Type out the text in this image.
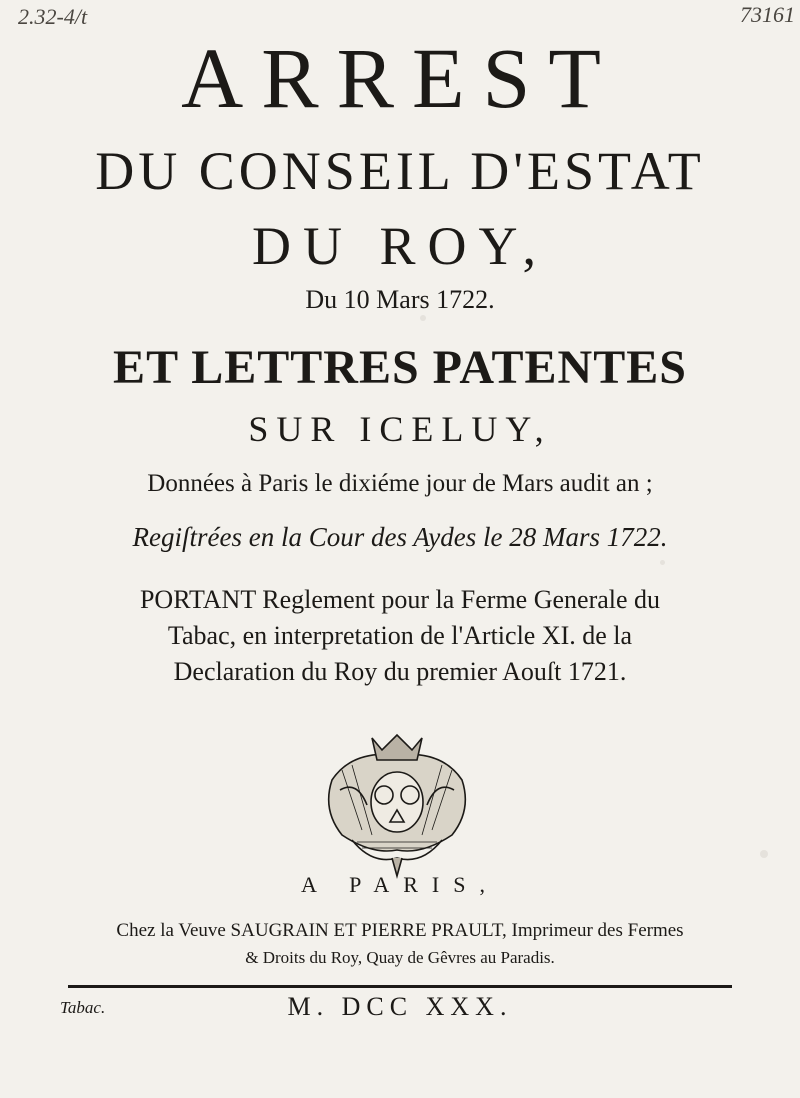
2.32-4/t	73161
ARREST
DU CONSEIL D'ESTAT
DU ROY,
Du 10 Mars 1722.
ET LETTRES PATENTES
SUR ICELUY,
Données à Paris le dixiéme jour de Mars audit an ;
Regiſtrées en la Cour des Aydes le 28 Mars 1722.
PORTANT Reglement pour la Ferme Generale du
Tabac, en interpretation de l'Article XI. de la
Declaration du Roy du premier Aouſt 1721.
A PARIS,
Chez la Veuve SAUGRAIN ET PIERRE PRAULT, Imprimeur des Fermes
& Droits du Roy, Quay de Gêvres au Paradis.
Tabac.	M. DCC XXX.
